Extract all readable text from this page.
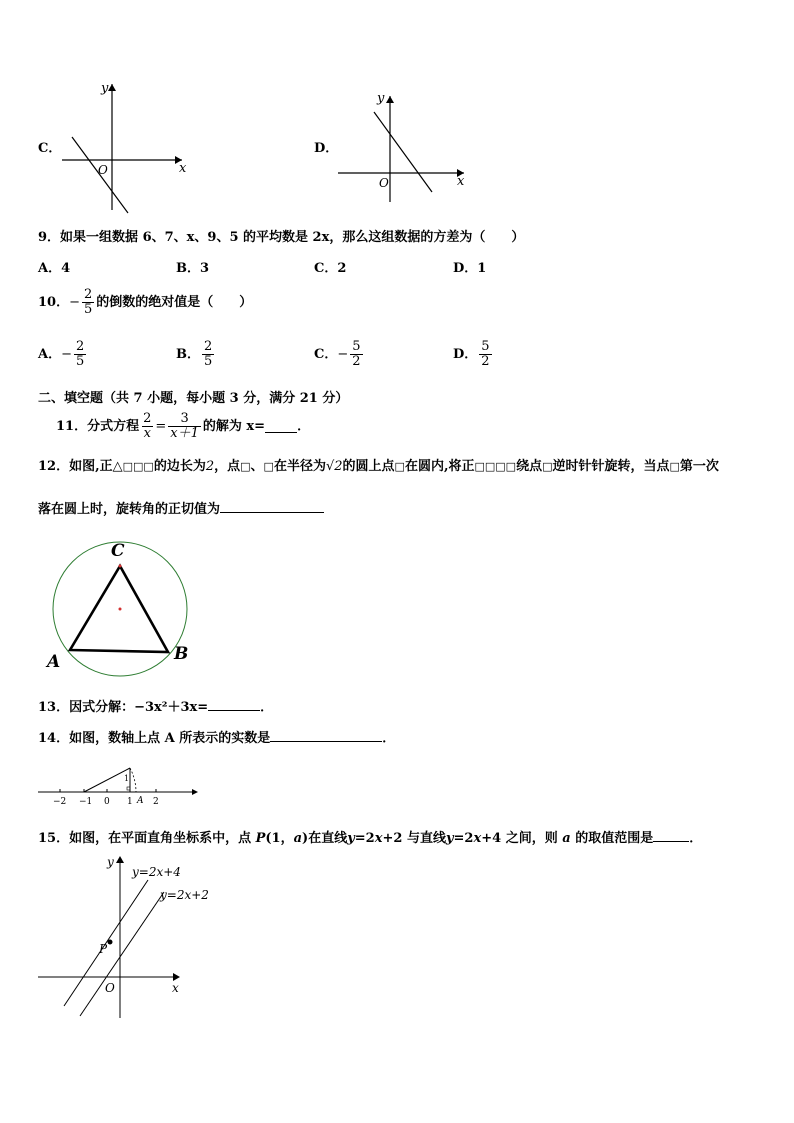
C．
x
y
O
x
y
O
D．
9．如果一组数据 6、7、x、9、5 的平均数是 2x，那么这组数据的方差为（　　）
A．4	B．3	C．2	D．1
10． − $\frac{2}{5}$ 的倒数的绝对值是（　　）
A． − $\frac{2}{5}$	B． $\frac{2}{5}$	C． − $\frac{5}{2}$	D． $\frac{5}{2}$
二、填空题（共 7 小题，每小题 3 分，满分 21 分）
11．分式方程 $\frac{2}{x} = \frac{3}{x+1}$ 的解为 x= ．
12．如图,正△□□□的边长为2，点□、□在半径为√2的圆上点□在圆内,将正□□□□绕点□逆时针针旋转，当点□第一次
落在圆上时，旋转角的正切值为
C
A	B
13．因式分解：−3x²＋3x=	．
14．如图，数轴上点 A 所表示的实数是	．
−2 −1 0 1 2
1
A
15．如图，在平面直角坐标系中，点 P(1，a)在直线y=2x+2 与直线y=2x+4 之间，则 a 的取值范围是	．
x
y
O
y=2x+4
y=2x+2
P
